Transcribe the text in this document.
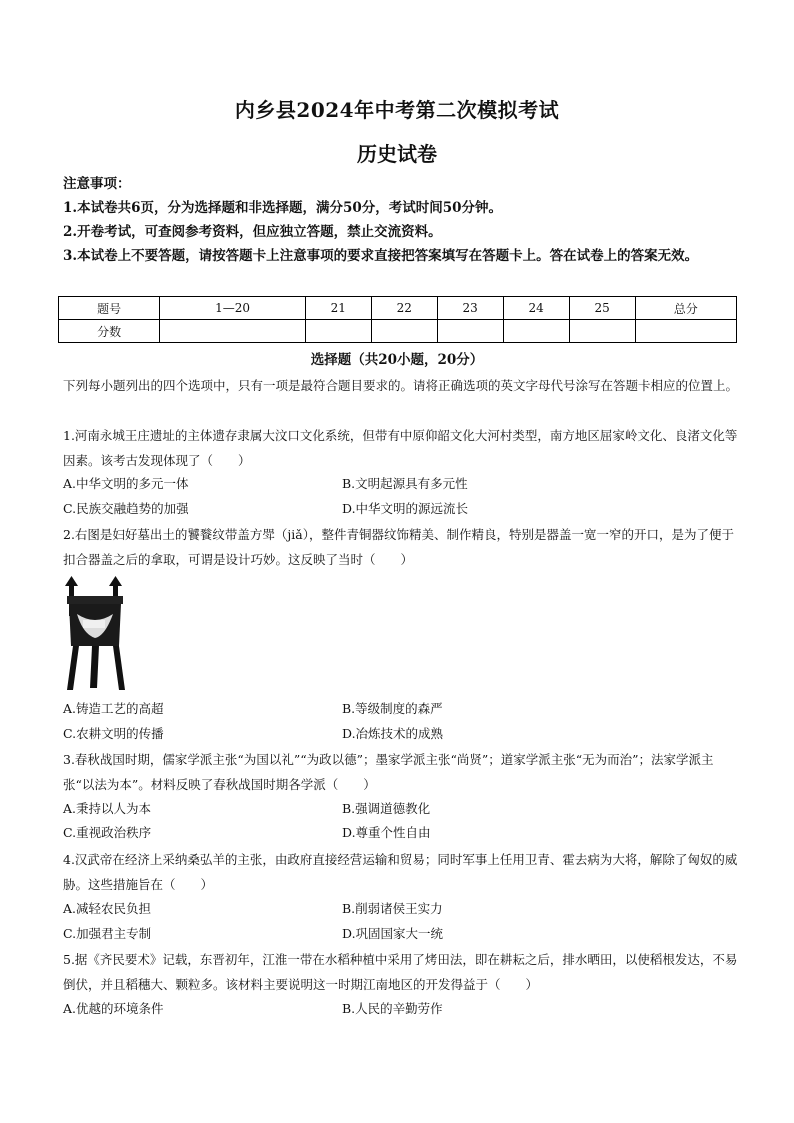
内乡县2024年中考第二次模拟考试
历史试卷
注意事项：
1.本试卷共6页，分为选择题和非选择题，满分50分，考试时间50分钟。
2.开卷考试，可查阅参考资料，但应独立答题，禁止交流资料。
3.本试卷上不要答题，请按答题卡上注意事项的要求直接把答案填写在答题卡上。答在试卷上的答案无效。
题号	1—20	21	22	23	24	25	总分
分数							
选择题（共20小题，20分）
下列每小题列出的四个选项中，只有一项是最符合题目要求的。请将正确选项的英文字母代号涂写在答题卡相应的位置上。
1.河南永城王庄遗址的主体遗存隶属大汶口文化系统，但带有中原仰韶文化大河村类型，南方地区屈家岭文化、良渚文化等因素。该考古发现体现了（　　）
A.中华文明的多元一体	B.文明起源具有多元性
C.民族交融趋势的加强	D.中华文明的源远流长
2.右图是妇好墓出土的饕餮纹带盖方斝（jiǎ），整件青铜器纹饰精美、制作精良，特别是器盖一宽一窄的开口，是为了便于扣合器盖之后的拿取，可谓是设计巧妙。这反映了当时（　　）
A.铸造工艺的高超	B.等级制度的森严
C.农耕文明的传播	D.冶炼技术的成熟
3.春秋战国时期，儒家学派主张“为国以礼”“为政以德”；墨家学派主张“尚贤”；道家学派主张“无为而治”；法家学派主张“以法为本”。材料反映了春秋战国时期各学派（　　）
A.秉持以人为本	B.强调道德教化
C.重视政治秩序	D.尊重个性自由
4.汉武帝在经济上采纳桑弘羊的主张，由政府直接经营运输和贸易；同时军事上任用卫青、霍去病为大将，解除了匈奴的威胁。这些措施旨在（　　）
A.减轻农民负担	B.削弱诸侯王实力
C.加强君主专制	D.巩固国家大一统
5.据《齐民要术》记载，东晋初年，江淮一带在水稻种植中采用了烤田法，即在耕耘之后，排水晒田，以使稻根发达，不易倒伏，并且稻穗大、颗粒多。该材料主要说明这一时期江南地区的开发得益于（　　）
A.优越的环境条件	B.人民的辛勤劳作
